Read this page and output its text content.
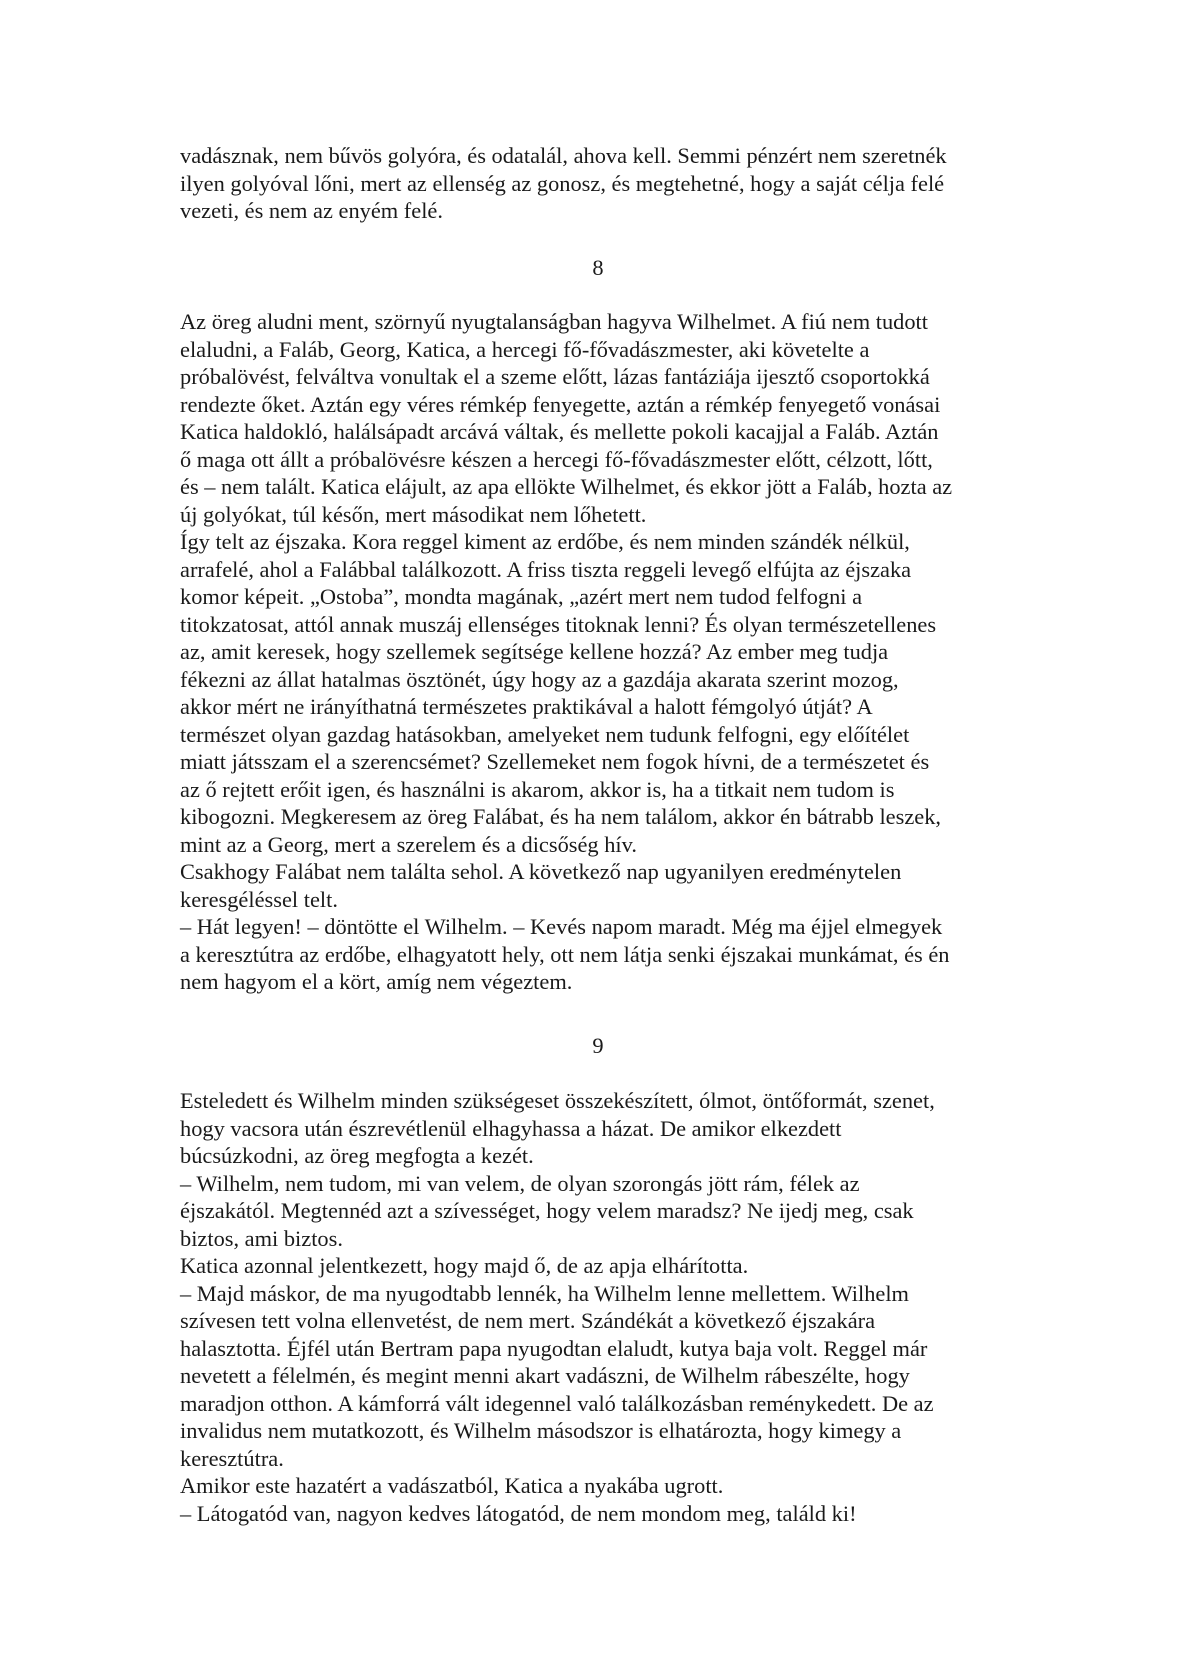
vadásznak, nem bűvös golyóra, és odatalál, ahova kell. Semmi pénzért nem szeretnék
ilyen golyóval lőni, mert az ellenség az gonosz, és megtehetné, hogy a saját célja felé
vezeti, és nem az enyém felé.

8

Az öreg aludni ment, szörnyű nyugtalanságban hagyva Wilhelmet. A fiú nem tudott
elaludni, a Faláb, Georg, Katica, a hercegi fő-fővadászmester, aki követelte a
próbalövést, felváltva vonultak el a szeme előtt, lázas fantáziája ijesztő csoportokká
rendezte őket. Aztán egy véres rémkép fenyegette, aztán a rémkép fenyegető vonásai
Katica haldokló, halálsápadt arcává váltak, és mellette pokoli kacajjal a Faláb. Aztán
ő maga ott állt a próbalövésre készen a hercegi fő-fővadászmester előtt, célzott, lőtt,
és – nem talált. Katica elájult, az apa ellökte Wilhelmet, és ekkor jött a Faláb, hozta az
új golyókat, túl későn, mert másodikat nem lőhetett.
Így telt az éjszaka. Kora reggel kiment az erdőbe, és nem minden szándék nélkül,
arrafelé, ahol a Falábbal találkozott. A friss tiszta reggeli levegő elfújta az éjszaka
komor képeit. „Ostoba”, mondta magának, „azért mert nem tudod felfogni a
titokzatosat, attól annak muszáj ellenséges titoknak lenni? És olyan természetellenes
az, amit keresek, hogy szellemek segítsége kellene hozzá? Az ember meg tudja
fékezni az állat hatalmas ösztönét, úgy hogy az a gazdája akarata szerint mozog,
akkor mért ne irányíthatná természetes praktikával a halott fémgolyó útját? A
természet olyan gazdag hatásokban, amelyeket nem tudunk felfogni, egy előítélet
miatt játsszam el a szerencsémet? Szellemeket nem fogok hívni, de a természetet és
az ő rejtett erőit igen, és használni is akarom, akkor is, ha a titkait nem tudom is
kibogozni. Megkeresem az öreg Falábat, és ha nem találom, akkor én bátrabb leszek,
mint az a Georg, mert a szerelem és a dicsőség hív.
Csakhogy Falábat nem találta sehol. A következő nap ugyanilyen eredménytelen
keresgéléssel telt.
– Hát legyen! – döntötte el Wilhelm. – Kevés napom maradt. Még ma éjjel elmegyek
a keresztútra az erdőbe, elhagyatott hely, ott nem látja senki éjszakai munkámat, és én
nem hagyom el a kört, amíg nem végeztem.

9

Esteledett és Wilhelm minden szükségeset összekészített, ólmot, öntőformát, szenet,
hogy vacsora után észrevétlenül elhagyhassa a házat. De amikor elkezdett
búcsúzkodni, az öreg megfogta a kezét.
– Wilhelm, nem tudom, mi van velem, de olyan szorongás jött rám, félek az
éjszakától. Megtennéd azt a szívességet, hogy velem maradsz? Ne ijedj meg, csak
biztos, ami biztos.
Katica azonnal jelentkezett, hogy majd ő, de az apja elhárította.
– Majd máskor, de ma nyugodtabb lennék, ha Wilhelm lenne mellettem. Wilhelm
szívesen tett volna ellenvetést, de nem mert. Szándékát a következő éjszakára
halasztotta. Éjfél után Bertram papa nyugodtan elaludt, kutya baja volt. Reggel már
nevetett a félelmén, és megint menni akart vadászni, de Wilhelm rábeszélte, hogy
maradjon otthon. A kámforrá vált idegennel való találkozásban reménykedett. De az
invalidus nem mutatkozott, és Wilhelm másodszor is elhatározta, hogy kimegy a
keresztútra.
Amikor este hazatért a vadászatból, Katica a nyakába ugrott.
– Látogatód van, nagyon kedves látogatód, de nem mondom meg, találd ki!
